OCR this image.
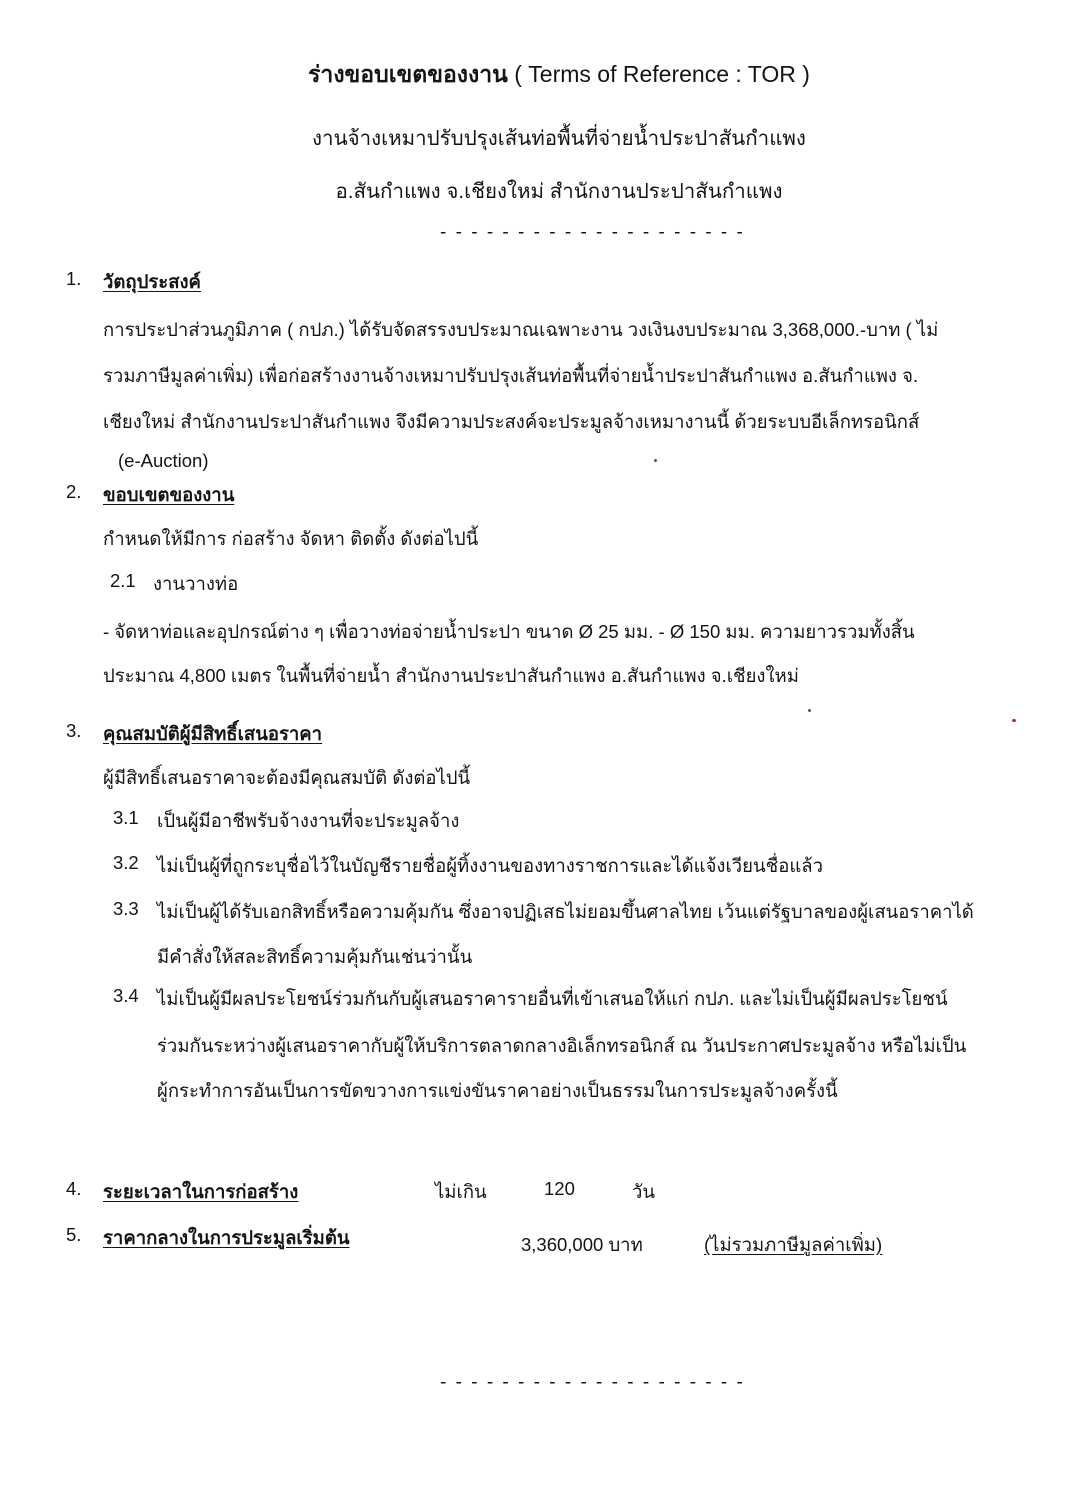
ร่างขอบเขตของงาน ( Terms of Reference : TOR )
งานจ้างเหมาปรับปรุงเส้นท่อพื้นที่จ่ายน้ำประปาสันกำแพง
อ.สันกำแพง จ.เชียงใหม่ สำนักงานประปาสันกำแพง
- - - - - - - - - - - - - - - - - - - -
1. วัตถุประสงค์
การประปาส่วนภูมิภาค ( กปภ.) ได้รับจัดสรรงบประมาณเฉพาะงาน วงเงินงบประมาณ 3,368,000.-บาท ( ไม่
รวมภาษีมูลค่าเพิ่ม) เพื่อก่อสร้างงานจ้างเหมาปรับปรุงเส้นท่อพื้นที่จ่ายน้ำประปาสันกำแพง อ.สันกำแพง จ.
เชียงใหม่ สำนักงานประปาสันกำแพง จึงมีความประสงค์จะประมูลจ้างเหมางานนี้ ด้วยระบบอีเล็กทรอนิกส์
(e-Auction)
2. ขอบเขตของงาน
กำหนดให้มีการ ก่อสร้าง จัดหา ติดตั้ง ดังต่อไปนี้
2.1 งานวางท่อ
- จัดหาท่อและอุปกรณ์ต่าง ๆ เพื่อวางท่อจ่ายน้ำประปา ขนาด Ø 25 มม. - Ø 150 มม. ความยาวรวมทั้งสิ้น
ประมาณ 4,800 เมตร ในพื้นที่จ่ายน้ำ สำนักงานประปาสันกำแพง อ.สันกำแพง จ.เชียงใหม่
3. คุณสมบัติผู้มีสิทธิ์เสนอราคา
ผู้มีสิทธิ์เสนอราคาจะต้องมีคุณสมบัติ ดังต่อไปนี้
3.1 เป็นผู้มีอาชีพรับจ้างงานที่จะประมูลจ้าง
3.2 ไม่เป็นผู้ที่ถูกระบุชื่อไว้ในบัญชีรายชื่อผู้ทิ้งงานของทางราชการและได้แจ้งเวียนชื่อแล้ว
3.3 ไม่เป็นผู้ได้รับเอกสิทธิ์หรือความคุ้มกัน ซึ่งอาจปฏิเสธไม่ยอมขึ้นศาลไทย เว้นแต่รัฐบาลของผู้เสนอราคาได้
มีคำสั่งให้สละสิทธิ์ความคุ้มกันเช่นว่านั้น
3.4 ไม่เป็นผู้มีผลประโยชน์ร่วมกันกับผู้เสนอราคารายอื่นที่เข้าเสนอให้แก่ กปภ. และไม่เป็นผู้มีผลประโยชน์
ร่วมกันระหว่างผู้เสนอราคากับผู้ให้บริการตลาดกลางอิเล็กทรอนิกส์ ณ วันประกาศประมูลจ้าง หรือไม่เป็น
ผู้กระทำการอันเป็นการขัดขวางการแข่งขันราคาอย่างเป็นธรรมในการประมูลจ้างครั้งนี้
4. ระยะเวลาในการก่อสร้าง	ไม่เกิน	120	วัน
5. ราคากลางในการประมูลเริ่มต้น	3,360,000 บาท	(ไม่รวมภาษีมูลค่าเพิ่ม)
- - - - - - - - - - - - - - - - - - - -
